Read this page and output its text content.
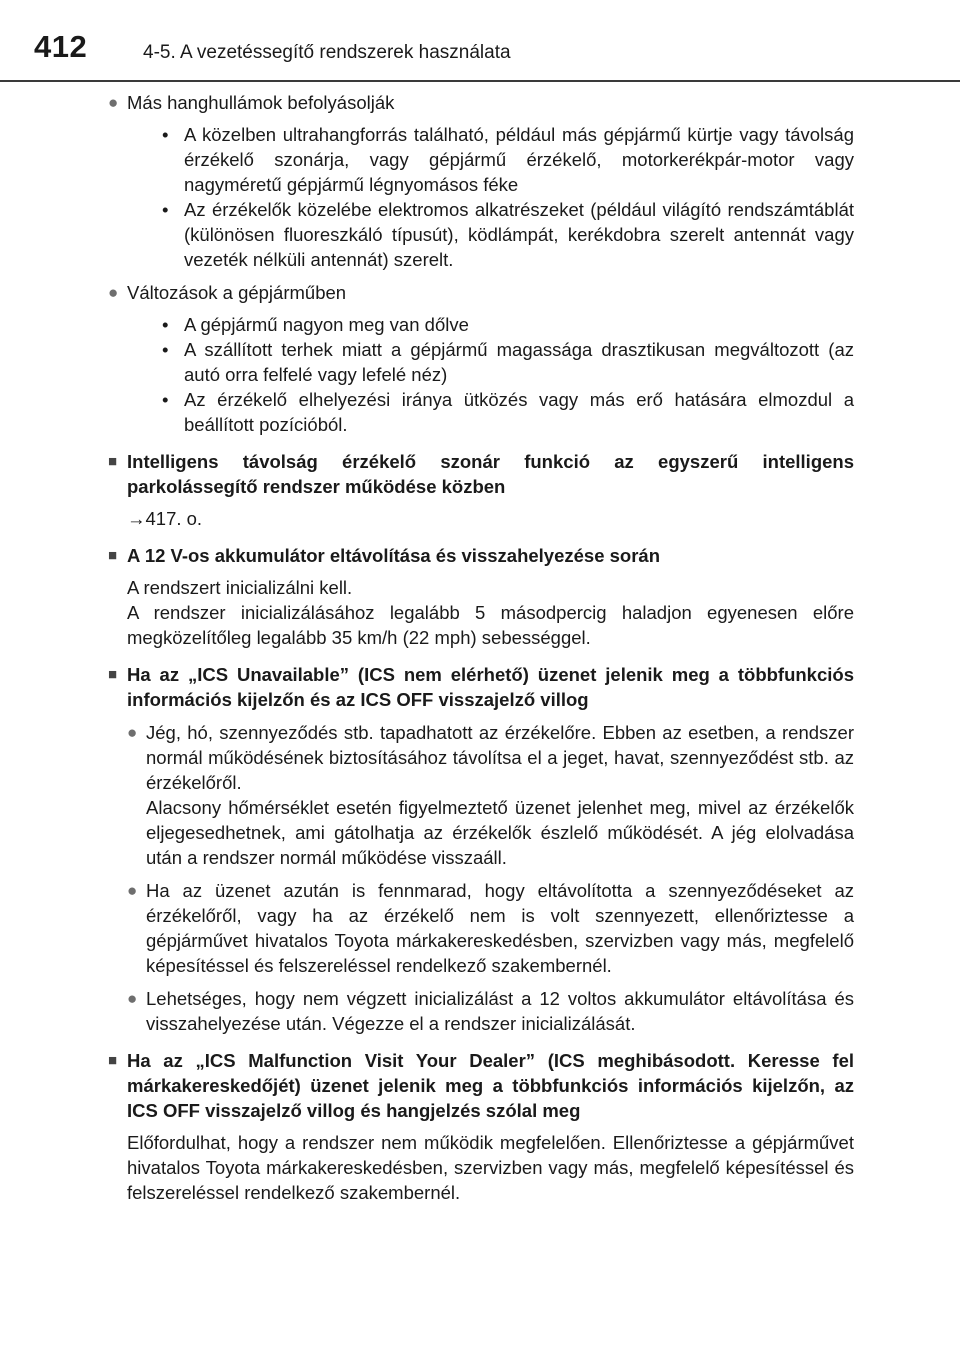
412	4-5. A vezetéssegítő rendszerek használata
● Más hanghullámok befolyásolják
• A közelben ultrahangforrás található, például más gépjármű kürtje vagy távolság érzékelő szonárja, vagy gépjármű érzékelő, motorkerékpár-motor vagy nagyméretű gépjármű légnyomásos féke
• Az érzékelők közelébe elektromos alkatrészeket (például világító rendszámtáblát (különösen fluoreszkáló típusút), ködlámpát, kerékdobra szerelt antennát vagy vezeték nélküli antennát) szerelt.
● Változások a gépjárműben
• A gépjármű nagyon meg van dőlve
• A szállított terhek miatt a gépjármű magassága drasztikusan megváltozott (az autó orra felfelé vagy lefelé néz)
• Az érzékelő elhelyezési iránya ütközés vagy más erő hatására elmozdul a beállított pozícióból.
■ Intelligens távolság érzékelő szonár funkció az egyszerű intelligens parkolássegítő rendszer működése közben
→417. o.
■ A 12 V-os akkumulátor eltávolítása és visszahelyezése során
A rendszert inicializálni kell.
A rendszer inicializálásához legalább 5 másodpercig haladjon egyenesen előre megközelítőleg legalább 35 km/h (22 mph) sebességgel.
■ Ha az „ICS Unavailable” (ICS nem elérhető) üzenet jelenik meg a többfunkciós információs kijelzőn és az ICS OFF visszajelző villog
● Jég, hó, szennyeződés stb. tapadhatott az érzékelőre. Ebben az esetben, a rendszer normál működésének biztosításához távolítsa el a jeget, havat, szennyeződést stb. az érzékelőről.
Alacsony hőmérséklet esetén figyelmeztető üzenet jelenhet meg, mivel az érzékelők eljegesedhetnek, ami gátolhatja az érzékelők észlelő működését. A jég elolvadása után a rendszer normál működése visszaáll.
● Ha az üzenet azután is fennmarad, hogy eltávolította a szennyeződéseket az érzékelőről, vagy ha az érzékelő nem is volt szennyezett, ellenőriztesse a gépjárművet hivatalos Toyota márkakereskedésben, szervizben vagy más, megfelelő képesítéssel és felszereléssel rendelkező szakembernél.
● Lehetséges, hogy nem végzett inicializálást a 12 voltos akkumulátor eltávolítása és visszahelyezése után. Végezze el a rendszer inicializálását.
■ Ha az „ICS Malfunction Visit Your Dealer” (ICS meghibásodott. Keresse fel márkakereskedőjét) üzenet jelenik meg a többfunkciós információs kijelzőn, az ICS OFF visszajelző villog és hangjelzés szólal meg
Előfordulhat, hogy a rendszer nem működik megfelelően. Ellenőriztesse a gépjárművet hivatalos Toyota márkakereskedésben, szervizben vagy más, megfelelő képesítéssel és felszereléssel rendelkező szakembernél.
